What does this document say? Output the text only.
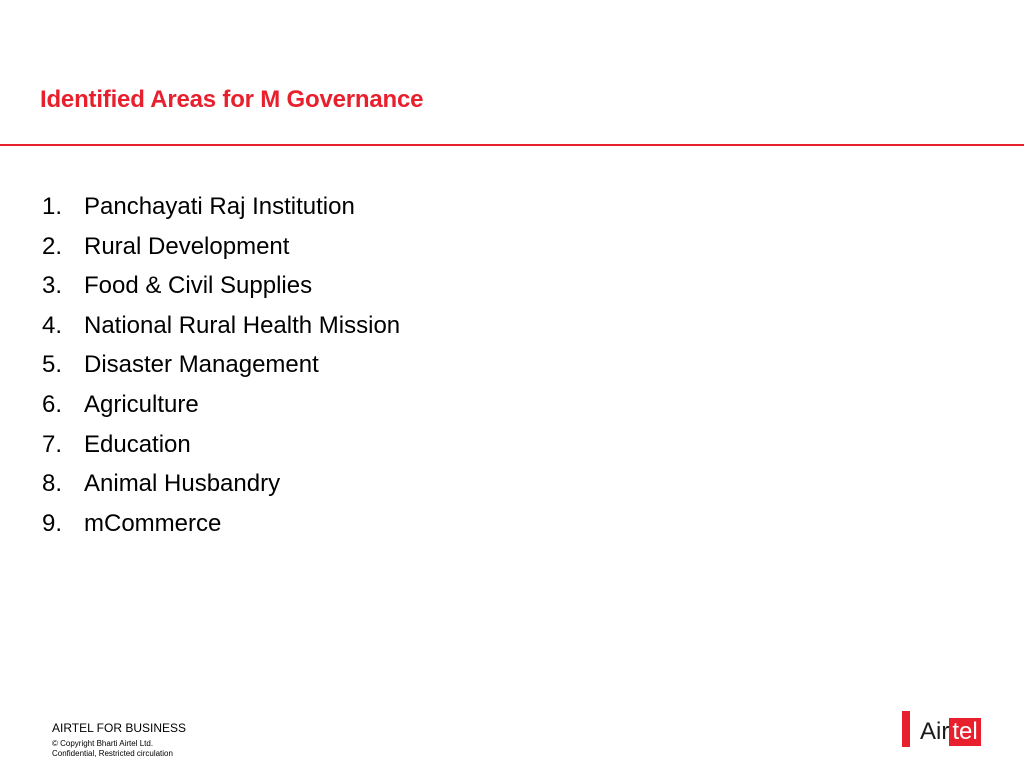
Identified Areas for M Governance
1. Panchayati Raj Institution
2. Rural Development
3. Food & Civil Supplies
4. National Rural Health Mission
5. Disaster Management
6. Agriculture
7. Education
8. Animal Husbandry
9. mCommerce
AIRTEL FOR BUSINESS
© Copyright Bharti Airtel Ltd.
Confidential, Restricted circulation
Air tel
